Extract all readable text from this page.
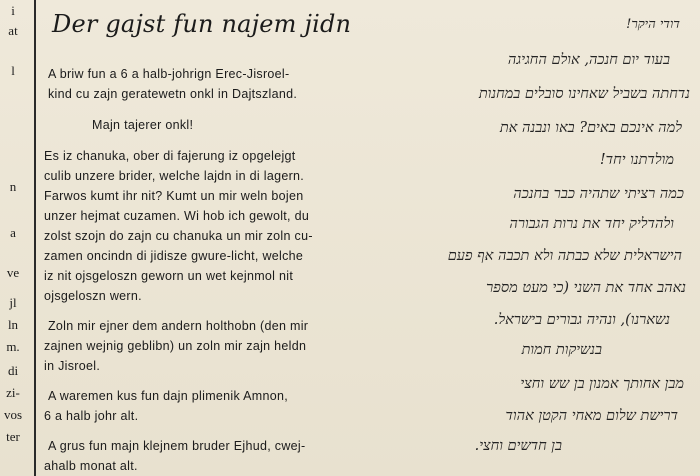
i
at
l
n
a
ve
jl
ln
m.
di
zi-
vos
ter
Der gajst fun najem jidn
A briw fun a 6 a halb-johrign Erec-Jisroel-
kind cu zajn geratewetn onkl in Dajtszland.
Majn tajerer onkl!
Es iz chanuka, ober di fajerung iz opgelejgt
culib unzere brider, welche lajdn in di lagern.
Farwos kumt ihr nit? Kumt un mir weln bojen
unzer hejmat cuzamen. Wi hob ich gewolt, du
zolst szojn do zajn cu chanuka un mir zoln cu-
zamen oncindn di jidisze gwure-licht, welche
iz nit ojsgeloszn geworn un wet kejnmol nit
ojsgeloszn wern.
Zoln mir ejner dem andern holthobn (den mir
zajnen wejnig geblibn) un zoln mir zajn heldn
in Jisroel.
A waremen kus fun dajn plimenik Amnon,
6 a halb johr alt.
A grus fun majn klejnem bruder Ejhud, cwej-
ahalb monat alt.
דודי היקר!
בעוד יום חנכה, אולם החגיגה
נדחתה בשביל שאחינו סובלים במחנות
למה אינכם באים? באו ונבנה את
מולדתנו יחד!
כמה רציתי שתהיה כבר בחנכה
ולהדליק יחד את נרות הגבורה
הישראלית שלא כבתה ולא תכבה אף פעם
נאהב אחד את השני (כי מעט מספר
נשארנו), ונהיה גבורים בישראל.
בנשיקות חמות
מבן אחותך אמנון בן שש וחצי
דרישת שלום מאחי הקטן אהוד
בן חדשים וחצי.
